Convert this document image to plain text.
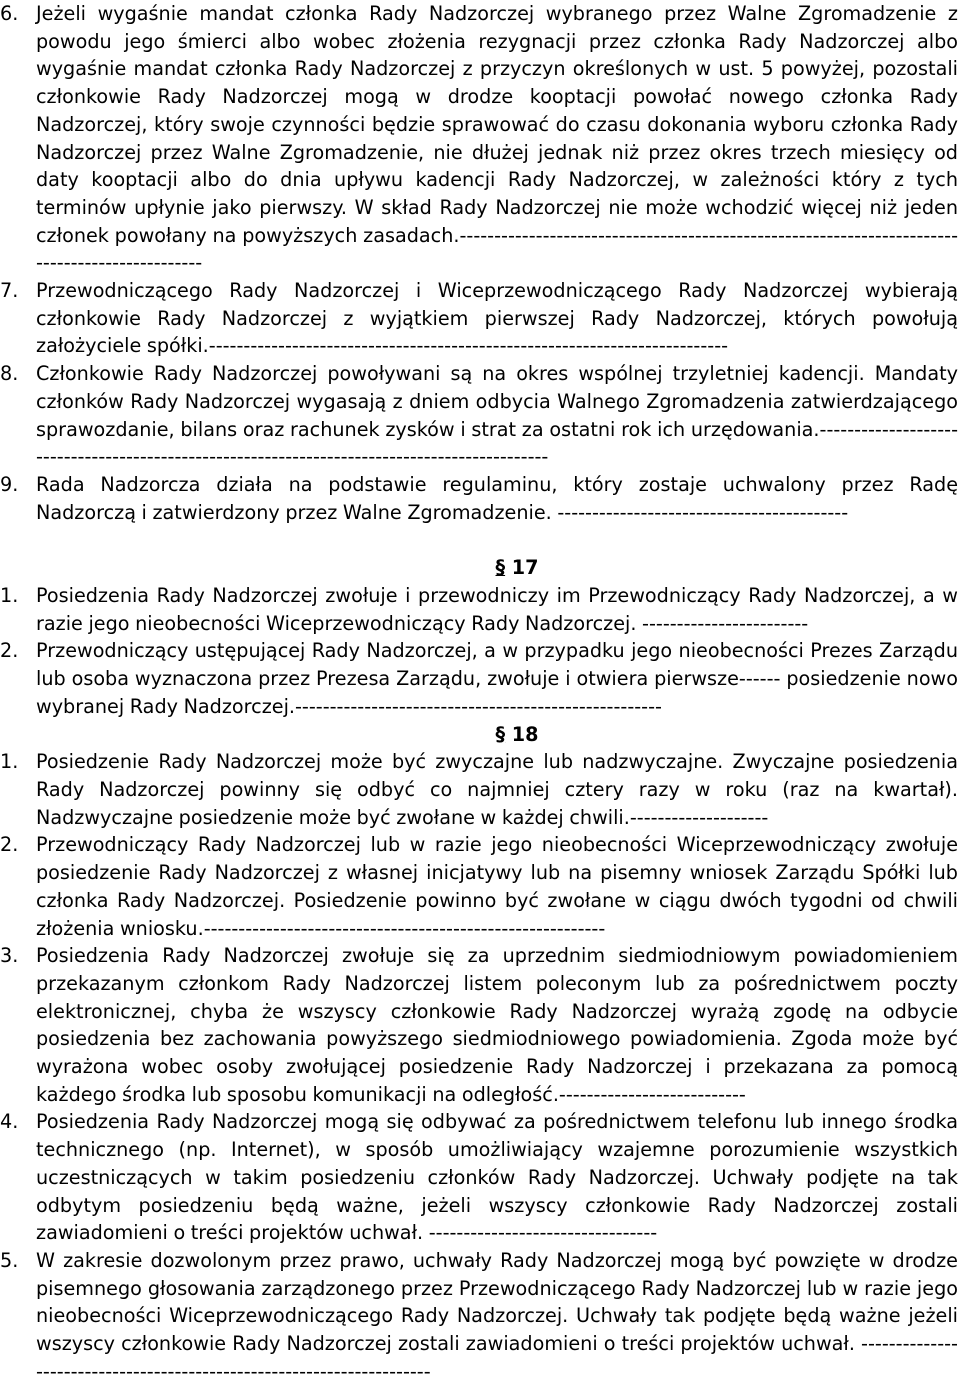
6. Jeżeli wygaśnie mandat członka Rady Nadzorczej wybranego przez Walne Zgromadzenie z powodu jego śmierci albo wobec złożenia rezygnacji przez członka Rady Nadzorczej albo wygaśnie mandat członka Rady Nadzorczej z przyczyn określonych w ust. 5 powyżej, pozostali członkowie Rady Nadzorczej mogą w drodze kooptacji powołać nowego członka Rady Nadzorczej, który swoje czynności będzie sprawować do czasu dokonania wyboru członka Rady Nadzorczej przez Walne Zgromadzenie, nie dłużej jednak niż przez okres trzech miesięcy od daty kooptacji albo do dnia upływu kadencji Rady Nadzorczej, w zależności który z tych terminów upłynie jako pierwszy. W skład Rady Nadzorczej nie może wchodzić więcej niż jeden członek powołany na powyższych zasadach.------------------------------------------------------------------------------------------------

7. Przewodniczącego Rady Nadzorczej i Wiceprzewodniczącego Rady Nadzorczej wybierają członkowie Rady Nadzorczej z wyjątkiem pierwszej Rady Nadzorczej, których powołują założyciele spółki.---------------------------------------------------------------------------

8. Członkowie Rady Nadzorczej powoływani są na okres wspólnej trzyletniej kadencji. Mandaty członków Rady Nadzorczej wygasają z dniem odbycia Walnego Zgromadzenia zatwierdzającego sprawozdanie, bilans oraz rachunek zysków i strat za ostatni rok ich urzędowania.----------------------------------------------------------------------------------------------

9. Rada Nadzorcza działa na podstawie regulaminu, który zostaje uchwalony przez Radę Nadzorczą i zatwierdzony przez Walne Zgromadzenie. ------------------------------------------

§ 17

1. Posiedzenia Rady Nadzorczej zwołuje i przewodniczy im Przewodniczący Rady Nadzorczej, a w razie jego nieobecności Wiceprzewodniczący Rady Nadzorczej. ------------------------

2. Przewodniczący ustępującej Rady Nadzorczej, a w przypadku jego nieobecności Prezes Zarządu lub osoba wyznaczona przez Prezesa Zarządu, zwołuje i otwiera pierwsze------ posiedzenie nowo wybranej Rady Nadzorczej.-----------------------------------------------------

§ 18

1. Posiedzenie Rady Nadzorczej może być zwyczajne lub nadzwyczajne. Zwyczajne posiedzenia Rady Nadzorczej powinny się odbyć co najmniej cztery razy w roku (raz na kwartał). Nadzwyczajne posiedzenie może być zwołane w każdej chwili.--------------------

2. Przewodniczący Rady Nadzorczej lub w razie jego nieobecności Wiceprzewodniczący zwołuje posiedzenie Rady Nadzorczej z własnej inicjatywy lub na pisemny wniosek Zarządu Spółki lub członka Rady Nadzorczej. Posiedzenie powinno być zwołane w ciągu dwóch tygodni od chwili złożenia wniosku.----------------------------------------------------------

3. Posiedzenia Rady Nadzorczej zwołuje się za uprzednim siedmiodniowym powiadomieniem przekazanym członkom Rady Nadzorczej listem poleconym lub za pośrednictwem poczty elektronicznej, chyba że wszyscy członkowie Rady Nadzorczej wyrażą zgodę na odbycie posiedzenia bez zachowania powyższego siedmiodniowego powiadomienia. Zgoda może być wyrażona wobec osoby zwołującej posiedzenie Rady Nadzorczej i przekazana za pomocą każdego środka lub sposobu komunikacji na odległość.---------------------------

4. Posiedzenia Rady Nadzorczej mogą się odbywać za pośrednictwem telefonu lub innego środka technicznego (np. Internet), w sposób umożliwiający wzajemne porozumienie wszystkich uczestniczących w takim posiedzeniu członków Rady Nadzorczej. Uchwały podjęte na tak odbytym posiedzeniu będą ważne, jeżeli wszyscy członkowie Rady Nadzorczej zostali zawiadomieni o treści projektów uchwał. ---------------------------------

5. W zakresie dozwolonym przez prawo, uchwały Rady Nadzorczej mogą być powzięte w drodze pisemnego głosowania zarządzonego przez Przewodniczącego Rady Nadzorczej lub w razie jego nieobecności Wiceprzewodniczącego Rady Nadzorczej. Uchwały tak podjęte będą ważne jeżeli wszyscy członkowie Rady Nadzorczej zostali zawiadomieni o treści projektów uchwał. -----------------------------------------------------------------------
